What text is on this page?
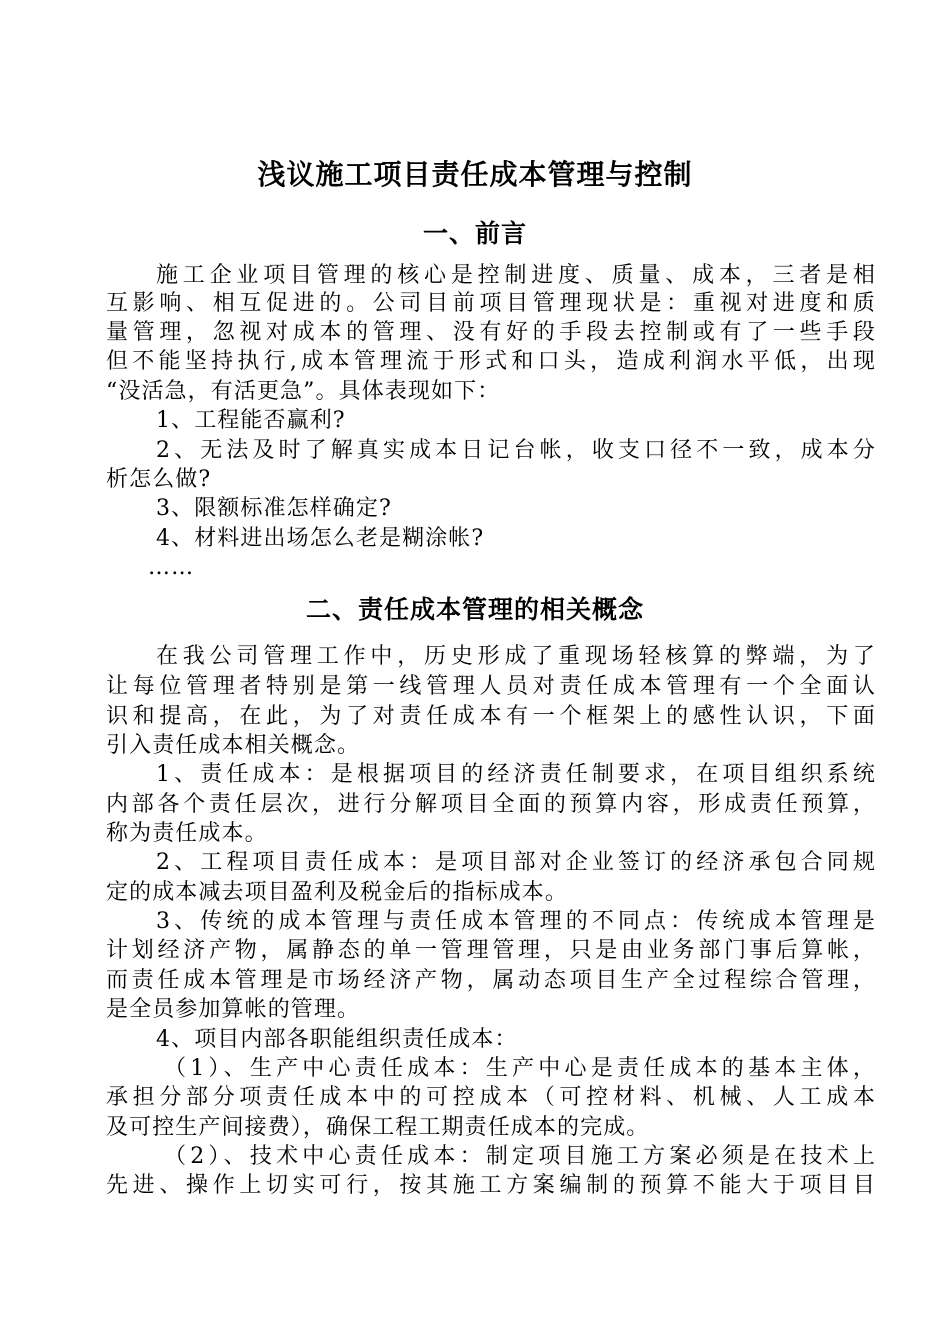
浅议施工项目责任成本管理与控制
一、前言
施工企业项目管理的核心是控制进度、质量、成本，三者是相
互影响、相互促进的。公司目前项目管理现状是：重视对进度和质
量管理，忽视对成本的管理、没有好的手段去控制或有了一些手段
但不能坚持执行,成本管理流于形式和口头，造成利润水平低，出现
“没活急，有活更急”。具体表现如下：
1、工程能否赢利?
2、无法及时了解真实成本日记台帐，收支口径不一致，成本分
析怎么做?
3、限额标准怎样确定?
4、材料进出场怎么老是糊涂帐?
……
二、责任成本管理的相关概念
在我公司管理工作中，历史形成了重现场轻核算的弊端，为了
让每位管理者特别是第一线管理人员对责任成本管理有一个全面认
识和提高，在此，为了对责任成本有一个框架上的感性认识，下面
引入责任成本相关概念。
1、责任成本：是根据项目的经济责任制要求，在项目组织系统
内部各个责任层次，进行分解项目全面的预算内容，形成责任预算，
称为责任成本。
2、工程项目责任成本：是项目部对企业签订的经济承包合同规
定的成本减去项目盈利及税金后的指标成本。
3、传统的成本管理与责任成本管理的不同点：传统成本管理是
计划经济产物，属静态的单一管理管理，只是由业务部门事后算帐，
而责任成本管理是市场经济产物，属动态项目生产全过程综合管理，
是全员参加算帐的管理。
4、项目内部各职能组织责任成本：
（1）、生产中心责任成本：生产中心是责任成本的基本主体，
承担分部分项责任成本中的可控成本（可控材料、机械、人工成本
及可控生产间接费），确保工程工期责任成本的完成。
（2）、技术中心责任成本：制定项目施工方案必须是在技术上
先进、操作上切实可行，按其施工方案编制的预算不能大于项目目
